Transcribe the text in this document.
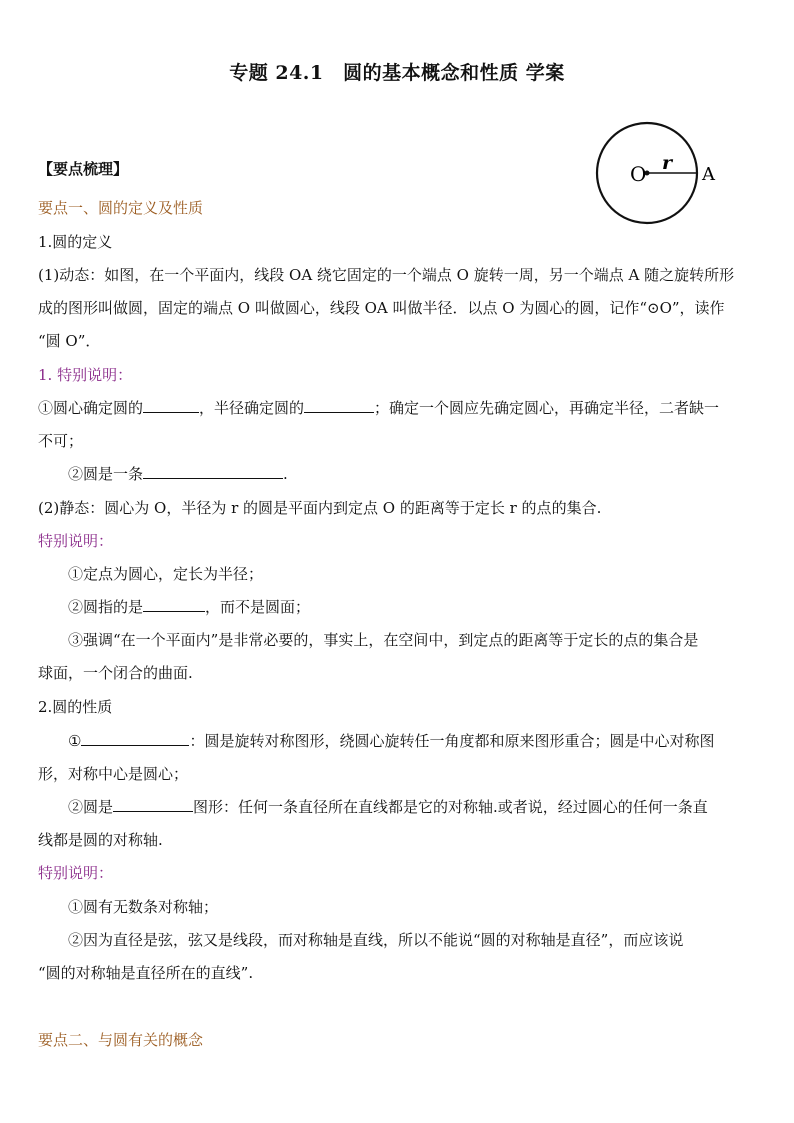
专题 24.1　圆的基本概念和性质 学案
O r
A
【要点梳理】
要点一、圆的定义及性质
1.圆的定义
(1)动态：如图，在一个平面内，线段 OA 绕它固定的一个端点 O 旋转一周，另一个端点 A 随之旋转所形
成的图形叫做圆，固定的端点 O 叫做圆心，线段 OA 叫做半径．以点 O 为圆心的圆，记作“⊙O”，读作
“圆 O”．
1. 特别说明：
①圆心确定圆的	，半径确定圆的	；确定一个圆应先确定圆心，再确定半径，二者缺一
不可；
②圆是一条	.
(2)静态：圆心为 O，半径为 r 的圆是平面内到定点 O 的距离等于定长 r 的点的集合.
特别说明：
①定点为圆心，定长为半径；
②圆指的是	，而不是圆面；
③强调“在一个平面内”是非常必要的，事实上，在空间中，到定点的距离等于定长的点的集合是
球面，一个闭合的曲面.
2.圆的性质
①	：圆是旋转对称图形，绕圆心旋转任一角度都和原来图形重合；圆是中心对称图
形，对称中心是圆心；
②圆是	图形：任何一条直径所在直线都是它的对称轴.或者说，经过圆心的任何一条直
线都是圆的对称轴.
特别说明：
①圆有无数条对称轴；
②因为直径是弦，弦又是线段，而对称轴是直线，所以不能说“圆的对称轴是直径”，而应该说
“圆的对称轴是直径所在的直线”.
要点二、与圆有关的概念
